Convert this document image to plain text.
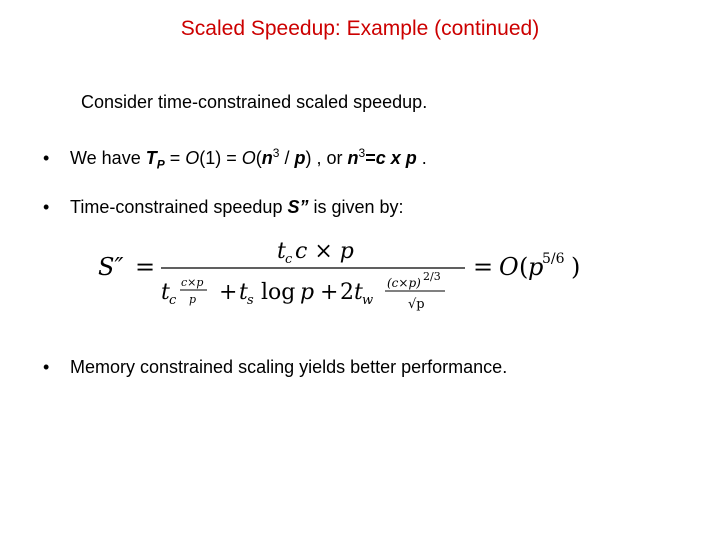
Scaled Speedup: Example (continued)
Consider time-constrained scaled speedup.
• We have $T_P = O(1) = O(n^3 / p)$ , or $n^3=c$ x p .
• Time-constrained speedup S” is given by:
S″ =
t c c × p
t c
c×p
p + t s log p + 2 t w
(c×p) 2/3
√p
= O ( p
5/6 )
• Memory constrained scaling yields better performance.
